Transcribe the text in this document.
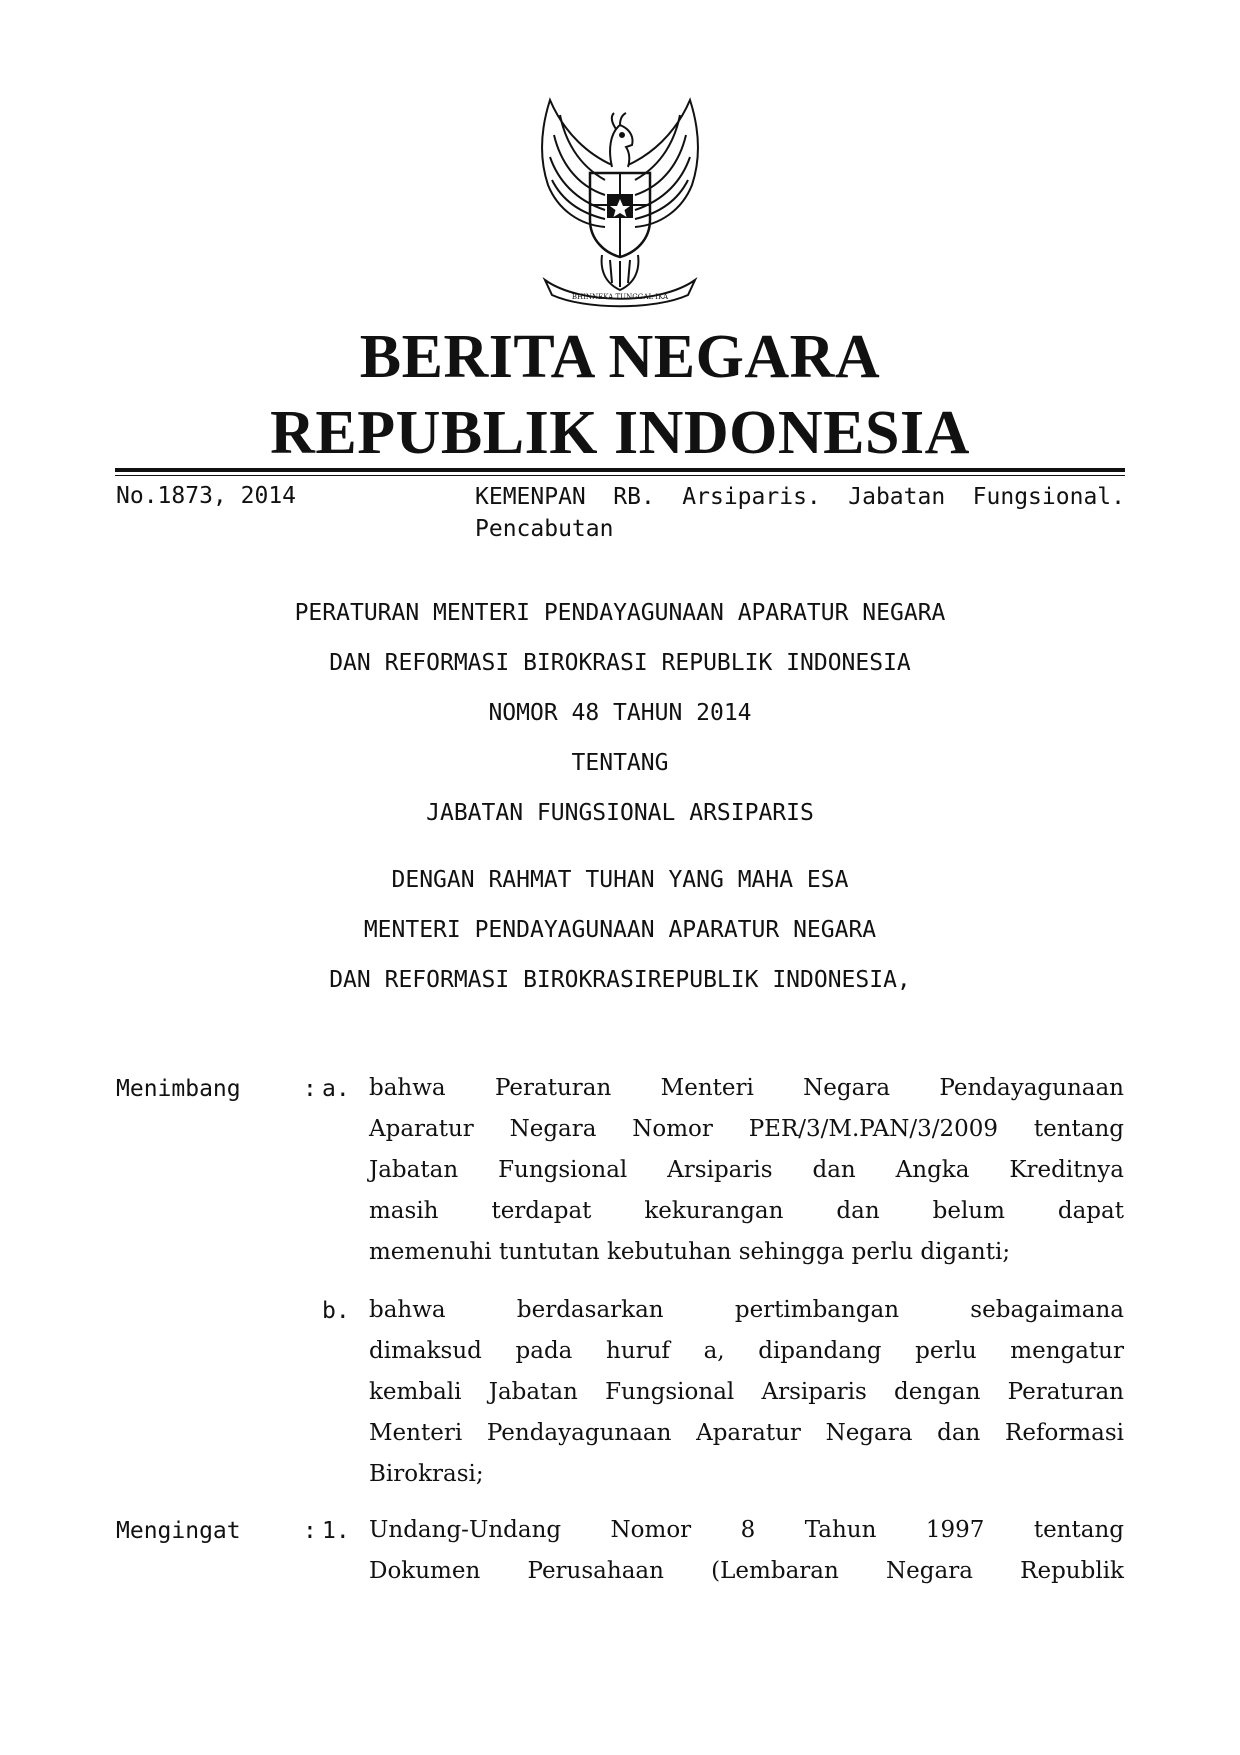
BHINNEKA TUNGGAL IKA
BERITA NEGARA
REPUBLIK INDONESIA
No.1873, 2014	KEMENPAN RB. Arsiparis. Jabatan Fungsional.
Pencabutan
PERATURAN MENTERI PENDAYAGUNAAN APARATUR NEGARA
DAN REFORMASI BIROKRASI REPUBLIK INDONESIA
NOMOR 48 TAHUN 2014
TENTANG
JABATAN FUNGSIONAL ARSIPARIS
DENGAN RAHMAT TUHAN YANG MAHA ESA
MENTERI PENDAYAGUNAAN APARATUR NEGARA
DAN REFORMASI BIROKRASIREPUBLIK INDONESIA,
Menimbang	: a. bahwa Peraturan Menteri Negara Pendayagunaan
Aparatur Negara Nomor PER/3/M.PAN/3/2009 tentang
Jabatan Fungsional Arsiparis dan Angka Kreditnya
masih terdapat kekurangan dan belum dapat
memenuhi tuntutan kebutuhan sehingga perlu diganti;
b. bahwa berdasarkan pertimbangan sebagaimana
dimaksud pada huruf a, dipandang perlu mengatur
kembali Jabatan Fungsional Arsiparis dengan Peraturan
Menteri Pendayagunaan Aparatur Negara dan Reformasi
Birokrasi;
Mengingat	: 1. Undang-Undang Nomor 8 Tahun 1997 tentang
Dokumen Perusahaan (Lembaran Negara Republik
